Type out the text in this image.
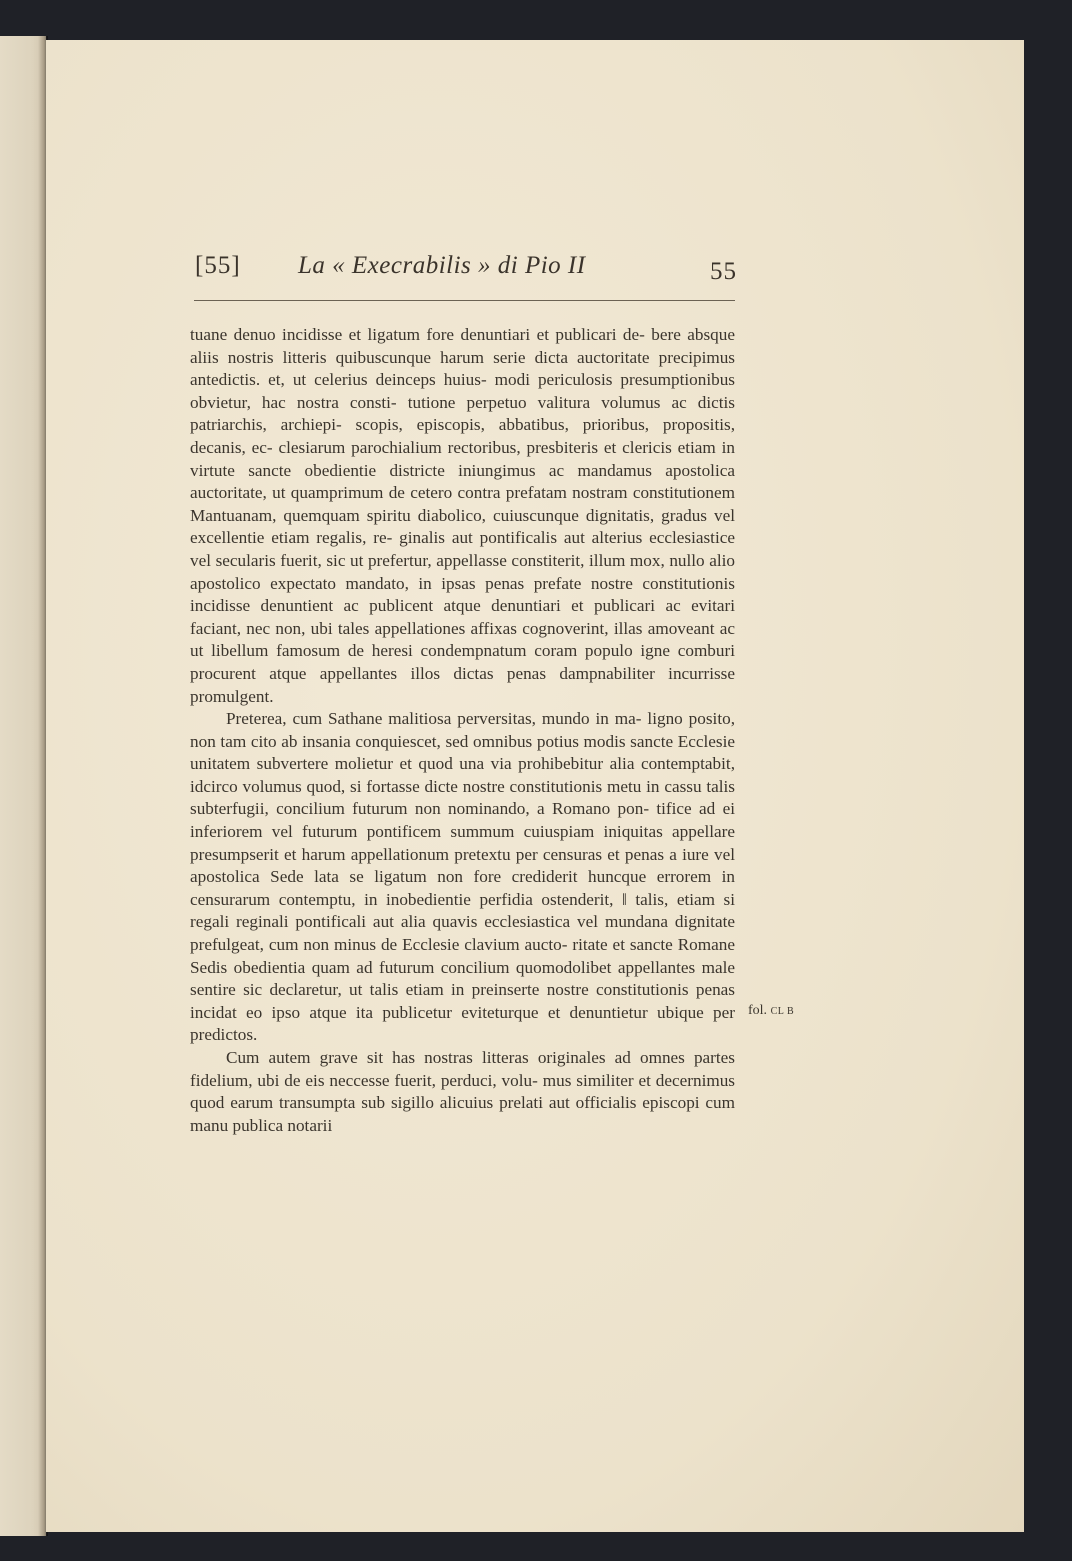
[55] La « Execrabilis » di Pio II	55

tuane denuo incidisse et ligatum fore denuntiari et publicari de- bere absque aliis nostris litteris quibuscunque harum serie dicta auctoritate precipimus antedictis. et, ut celerius deinceps huius- modi periculosis presumptionibus obvietur, hac nostra consti- tutione perpetuo valitura volumus ac dictis patriarchis, archiepi- scopis, episcopis, abbatibus, prioribus, propositis, decanis, ec- clesiarum parochialium rectoribus, presbiteris et clericis etiam in virtute sancte obedientie districte iniungimus ac mandamus apostolica auctoritate, ut quamprimum de cetero contra prefatam nostram constitutionem Mantuanam, quemquam spiritu diabolico, cuiuscunque dignitatis, gradus vel excellentie etiam regalis, re- ginalis aut pontificalis aut alterius ecclesiastice vel secularis fuerit, sic ut prefertur, appellasse constiterit, illum mox, nullo alio apostolico expectato mandato, in ipsas penas prefate nostre constitutionis incidisse denuntient ac publicent atque denuntiari et publicari ac evitari faciant, nec non, ubi tales appellationes affixas cognoverint, illas amoveant ac ut libellum famosum de heresi condempnatum coram populo igne comburi procurent atque appellantes illos dictas penas dampnabiliter incurrisse promulgent.

Preterea, cum Sathane malitiosa perversitas, mundo in ma- ligno posito, non tam cito ab insania conquiescet, sed omnibus potius modis sancte Ecclesie unitatem subvertere molietur et quod una via prohibebitur alia contemptabit, idcirco volumus quod, si fortasse dicte nostre constitutionis metu in cassu talis subterfugii, concilium futurum non nominando, a Romano pon- tifice ad ei inferiorem vel futurum pontificem summum cuiuspiam iniquitas appellare presumpserit et harum appellationum pretextu per censuras et penas a iure vel apostolica Sede lata se ligatum non fore crediderit huncque errorem in censurarum contemptu, in inobedientie perfidia ostenderit, ‖ talis, etiam si regali reginali pontificali aut alia quavis ecclesiastica vel mundana dignitate prefulgeat, cum non minus de Ecclesie clavium aucto- ritate et sancte Romane Sedis obedientia quam ad futurum concilium quomodolibet appellantes male sentire sic declaretur, ut talis etiam in preinserte nostre constitutionis penas incidat eo ipso atque ita publicetur eviteturque et denuntietur ubique per predictos.

Cum autem grave sit has nostras litteras originales ad omnes partes fidelium, ubi de eis neccesse fuerit, perduci, volu- mus similiter et decernimus quod earum transumpta sub sigillo alicuius prelati aut officialis episcopi cum manu publica notarii

fol. CL B
